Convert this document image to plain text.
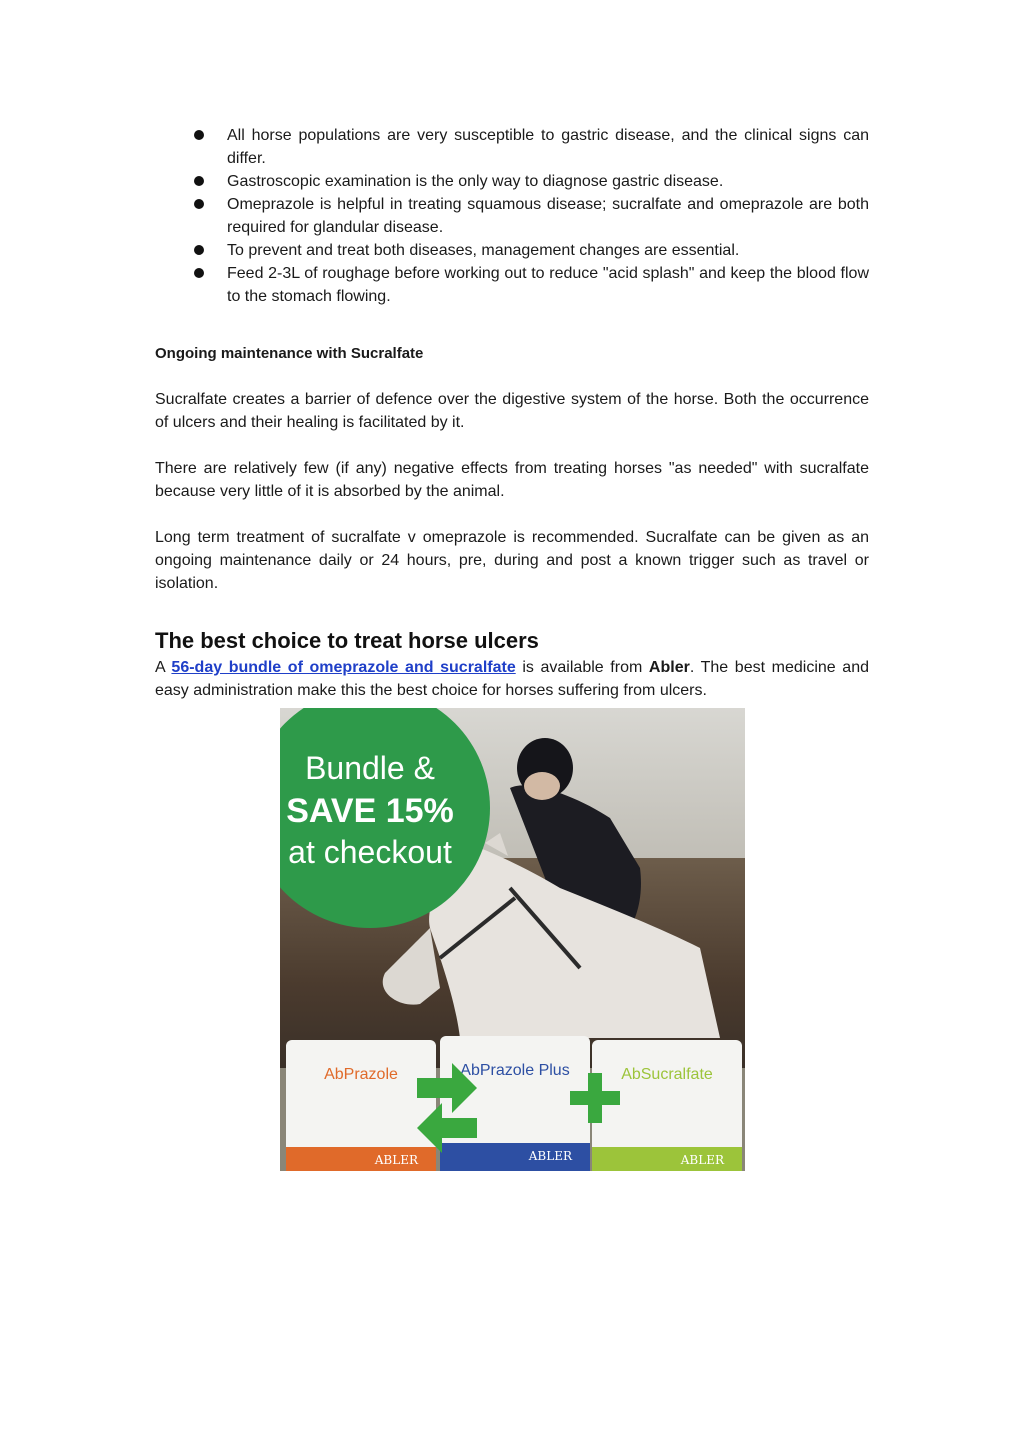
All horse populations are very susceptible to gastric disease, and the clinical signs can differ.
Gastroscopic examination is the only way to diagnose gastric disease.
Omeprazole is helpful in treating squamous disease; sucralfate and omeprazole are both required for glandular disease.
To prevent and treat both diseases, management changes are essential.
Feed 2-3L of roughage before working out to reduce "acid splash" and keep the blood flow to the stomach flowing.

Ongoing maintenance with Sucralfate

Sucralfate creates a barrier of defence over the digestive system of the horse. Both the occurrence of ulcers and their healing is facilitated by it.

There are relatively few (if any) negative effects from treating horses "as needed" with sucralfate because very little of it is absorbed by the animal.

Long term treatment of sucralfate v omeprazole is recommended. Sucralfate can be given as an ongoing maintenance daily or 24 hours, pre, during and post a known trigger such as travel or isolation.

The best choice to treat horse ulcers

A 56-day bundle of omeprazole and sucralfate is available from Abler. The best medicine and easy administration make this the best choice for horses suffering from ulcers.

Bundle &
SAVE 15%
at checkout
AbPrazole
ABLER
AbPrazole Plus
ABLER
AbSucralfate
ABLER
